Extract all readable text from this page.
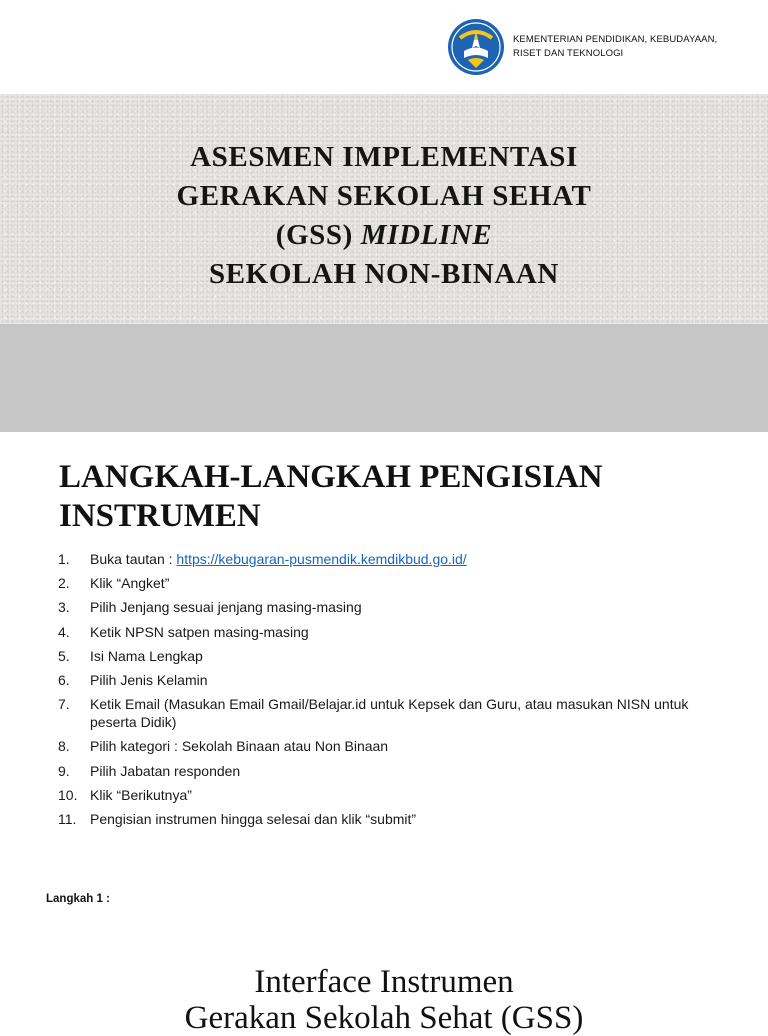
KEMENTERIAN PENDIDIKAN, KEBUDAYAAN,
RISET DAN TEKNOLOGI
ASESMEN IMPLEMENTASI
GERAKAN SEKOLAH SEHAT
(GSS) MIDLINE
SEKOLAH NON-BINAAN
LANGKAH-LANGKAH PENGISIAN
INSTRUMEN
1. Buka tautan : https://kebugaran-pusmendik.kemdikbud.go.id/
2. Klik “Angket”
3. Pilih Jenjang sesuai jenjang masing-masing
4. Ketik NPSN satpen masing-masing
5. Isi Nama Lengkap
6. Pilih Jenis Kelamin
7. Ketik Email (Masukan Email Gmail/Belajar.id untuk Kepsek dan Guru, atau masukan NISN untuk peserta Didik)
8. Pilih kategori : Sekolah Binaan atau Non Binaan
9. Pilih Jabatan responden
10. Klik “Berikutnya”
11. Pengisian instrumen hingga selesai dan klik “submit”
Langkah 1 :
Interface Instrumen
Gerakan Sekolah Sehat (GSS)
